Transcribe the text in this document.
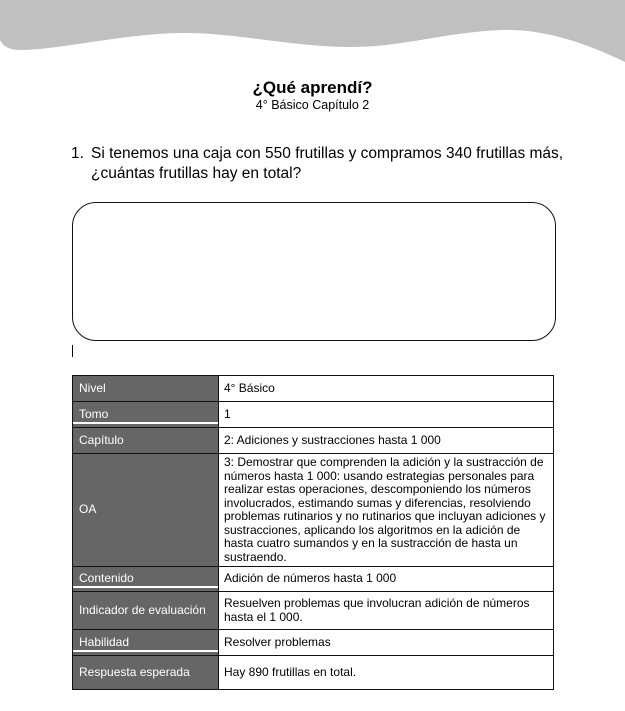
¿Qué aprendí?
4° Básico Capítulo 2
1. Si tenemos una caja con 550 frutillas y compramos 340 frutillas más, ¿cuántas frutillas hay en total?
Nivel	4° Básico
Tomo	1
Capítulo	2: Adiciones y sustracciones hasta 1 000
OA	3: Demostrar que comprenden la adición y la sustracción de números hasta 1 000: usando estrategias personales para realizar estas operaciones, descomponiendo los números involucrados, estimando sumas y diferencias, resolviendo problemas rutinarios y no rutinarios que incluyan adiciones y sustracciones, aplicando los algoritmos en la adición de hasta cuatro sumandos y en la sustracción de hasta un sustraendo.
Contenido	Adición de números hasta 1 000
Indicador de evaluación	Resuelven problemas que involucran adición de números hasta el 1 000.
Habilidad	Resolver problemas
Respuesta esperada	Hay 890 frutillas en total.
